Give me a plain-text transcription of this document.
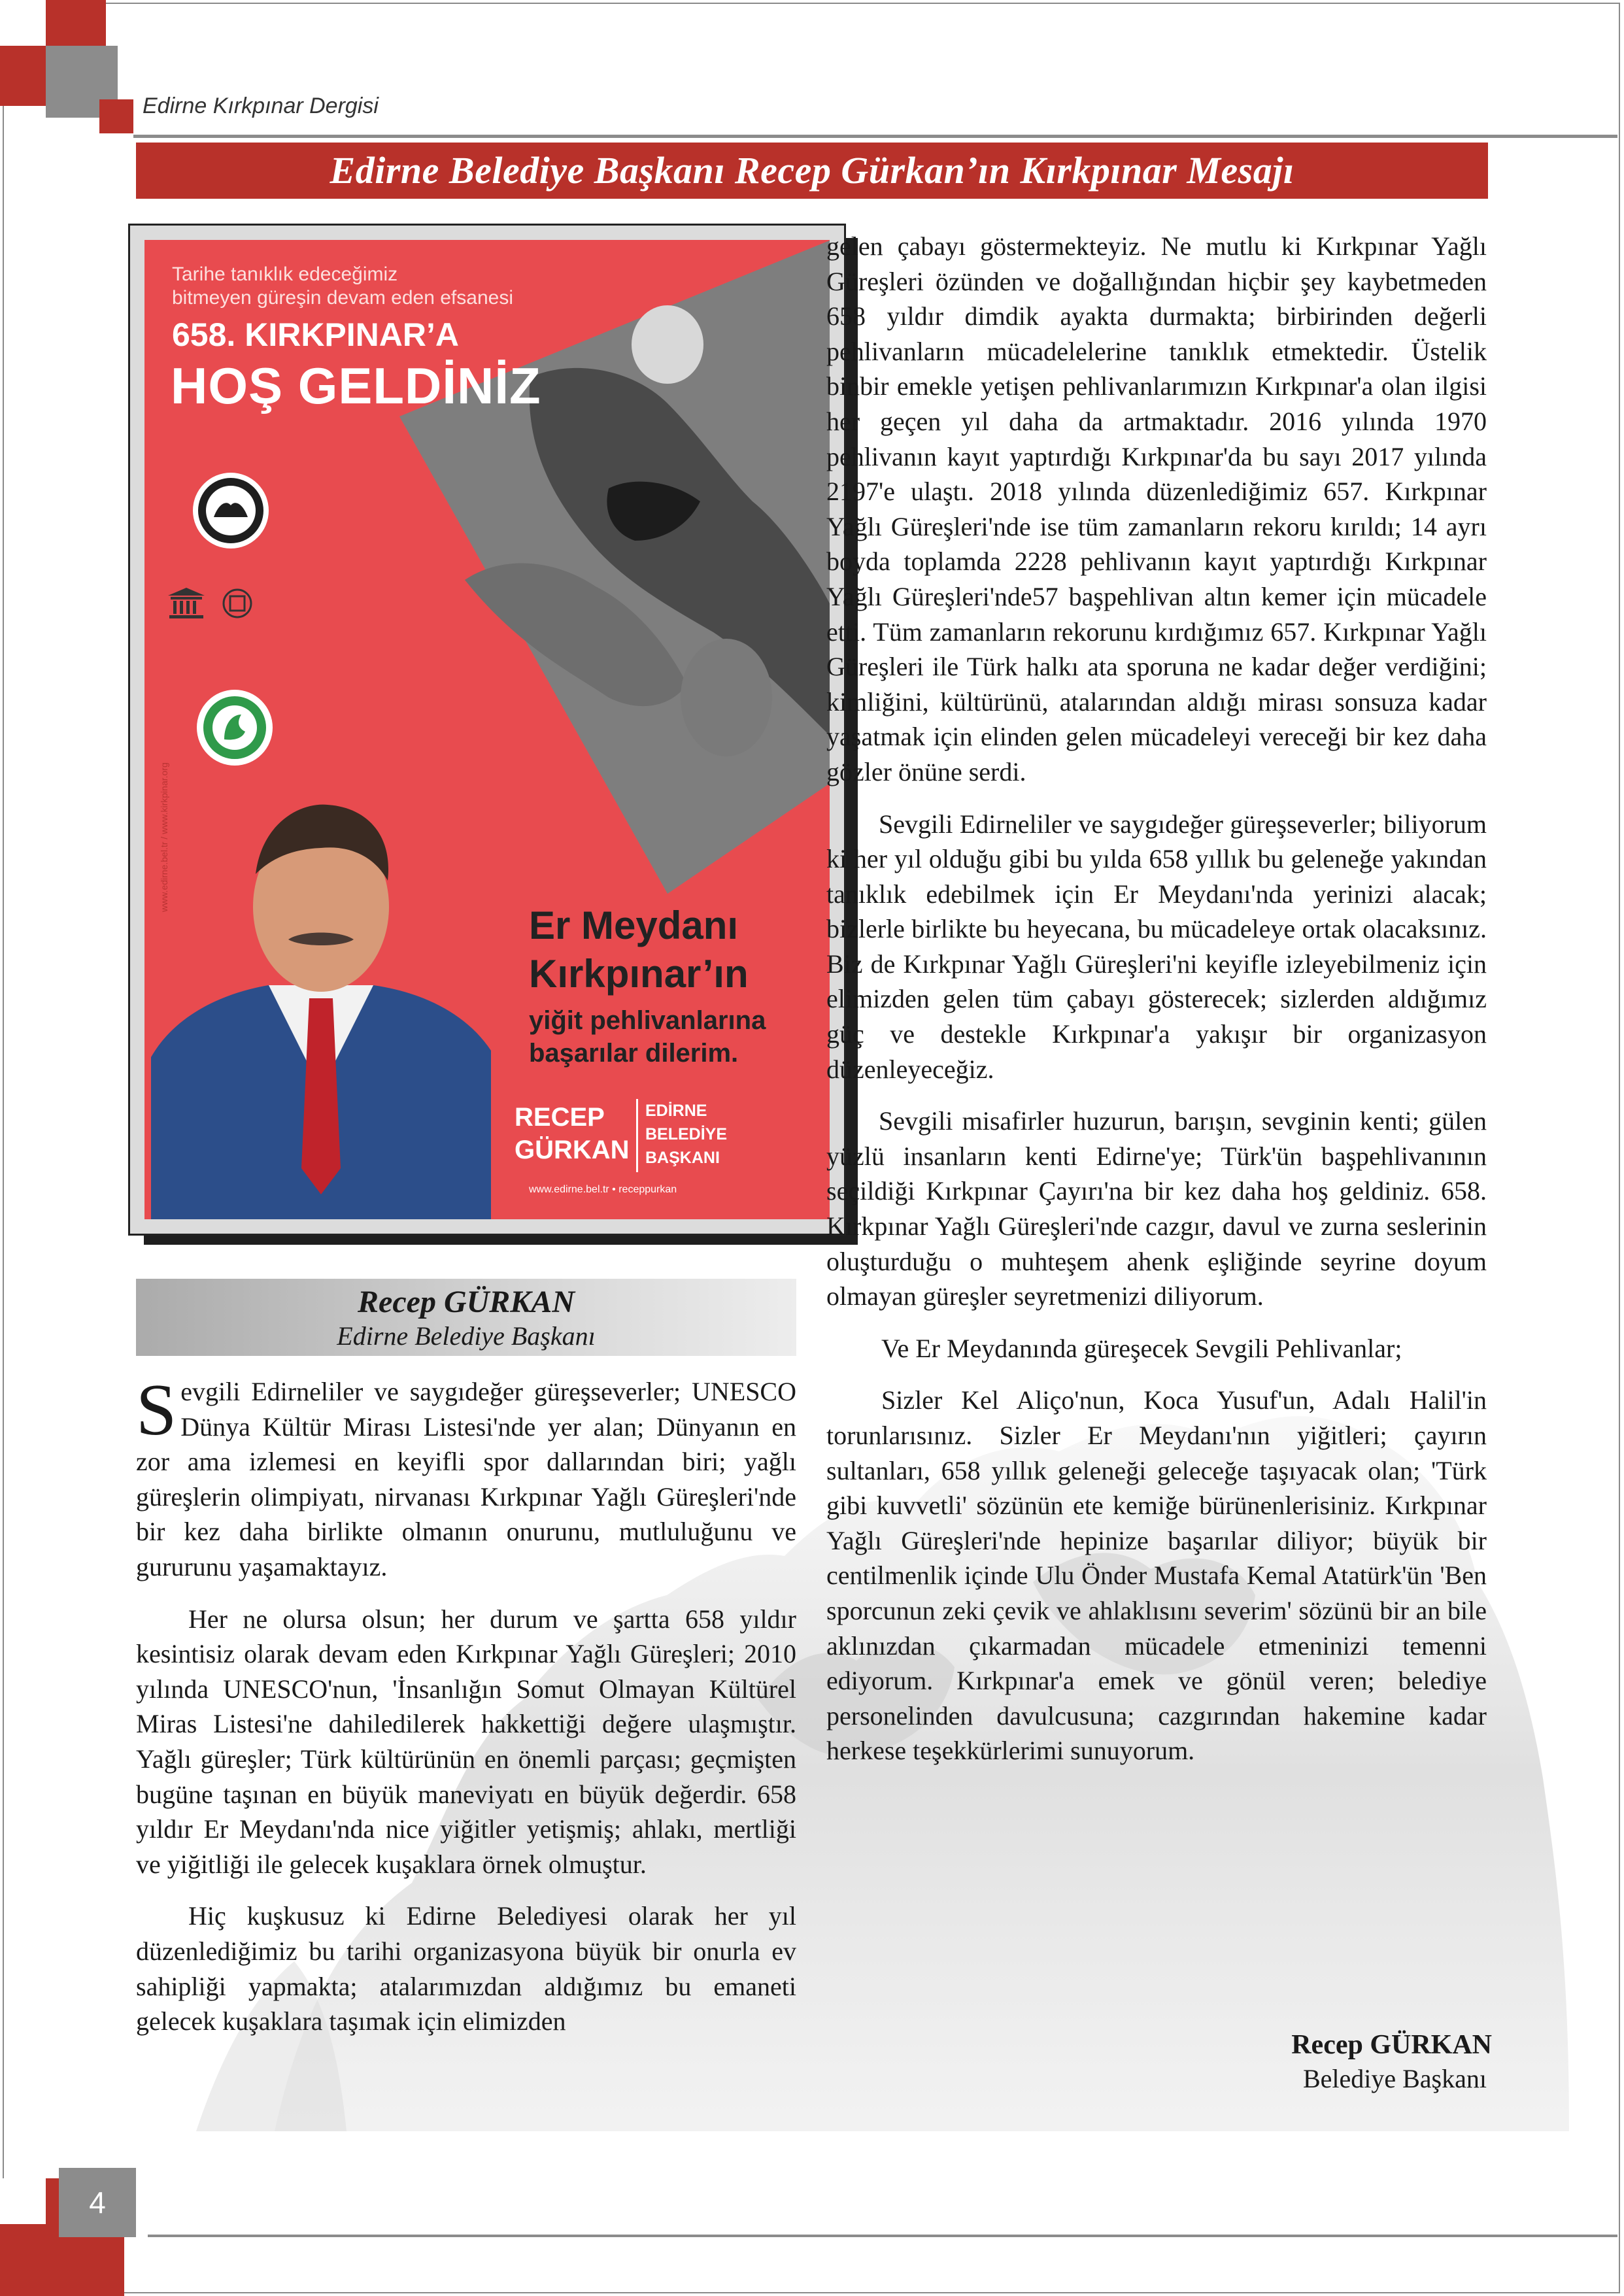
Edirne Kırkpınar Dergisi
Edirne Belediye Başkanı Recep Gürkan’ın Kırkpınar Mesajı
Tarihe tanıklık edeceğimiz
bitmeyen güreşin devam eden efsanesi
658. KIRKPINAR’A
HOŞ GELDİNİZ
Er Meydanı
Kırkpınar’ın
yiğit pehlivanlarına
başarılar dilerim.
RECEP
GÜRKAN
EDİRNE
BELEDİYE
BAŞKANI
www.edirne.bel.tr • receppurkan
www.edirne.bel.tr / www.kirkpinar.org
Recep GÜRKAN
Edirne Belediye Başkanı

Sevgili Edirneliler ve saygıdeğer güreşseverler; UNESCO Dünya Kültür Mirası Listesi'nde yer alan; Dünyanın en zor ama izlemesi en keyifli spor dallarından biri; yağlı güreşlerin olimpiyatı, nirvanası Kırkpınar Yağlı Güreşleri'nde bir kez daha birlikte olmanın onurunu, mutluluğunu ve gururunu yaşamaktayız.

Her ne olursa olsun; her durum ve şartta 658 yıldır kesintisiz olarak devam eden Kırkpınar Yağlı Güreşleri; 2010 yılında UNESCO'nun, 'İnsanlığın Somut Olmayan Kültürel Miras Listesi'ne dahiledilerek hakkettiği değere ulaşmıştır. Yağlı güreşler; Türk kültürünün en önemli parçası; geçmişten bugüne taşınan en büyük maneviyatı en büyük değerdir. 658 yıldır Er Meydanı'nda nice yiğitler yetişmiş; ahlakı, mertliği ve yiğitliği ile gelecek kuşaklara örnek olmuştur.

Hiç kuşkusuz ki Edirne Belediyesi olarak her yıl düzenlediğimiz bu tarihi organizasyona büyük bir onurla ev sahipliği yapmakta; atalarımızdan aldığımız bu emaneti gelecek kuşaklara taşımak için elimizden

gelen çabayı göstermekteyiz. Ne mutlu ki Kırkpınar Yağlı Güreşleri özünden ve doğallığından hiçbir şey kaybetmeden 658 yıldır dimdik ayakta durmakta; birbirinden değerli pehlivanların mücadelelerine tanıklık etmektedir. Üstelik binbir emekle yetişen pehlivanlarımızın Kırkpınar'a olan ilgisi her geçen yıl daha da artmaktadır. 2016 yılında 1970 pehlivanın kayıt yaptırdığı Kırkpınar'da bu sayı 2017 yılında 2197'e ulaştı. 2018 yılında düzenlediğimiz 657. Kırkpınar Yağlı Güreşleri'nde ise tüm zamanların rekoru kırıldı; 14 ayrı boyda toplamda 2228 pehlivanın kayıt yaptırdığı Kırkpınar Yağlı Güreşleri'nde57 başpehlivan altın kemer için mücadele etti. Tüm zamanların rekorunu kırdığımız 657. Kırkpınar Yağlı Güreşleri ile Türk halkı ata sporuna ne kadar değer verdiğini; kimliğini, kültürünü, atalarından aldığı mirası sonsuza kadar yaşatmak için elinden gelen mücadeleyi vereceği bir kez daha gözler önüne serdi.

Sevgili Edirneliler ve saygıdeğer güreşseverler; biliyorum ki her yıl olduğu gibi bu yılda 658 yıllık bu geleneğe yakından tanıklık edebilmek için Er Meydanı'nda yerinizi alacak; bizlerle birlikte bu heyecana, bu mücadeleye ortak olacaksınız. Biz de Kırkpınar Yağlı Güreşleri'ni keyifle izleyebilmeniz için elimizden gelen tüm çabayı gösterecek; sizlerden aldığımız güç ve destekle Kırkpınar'a yakışır bir organizasyon düzenleyeceğiz.

Sevgili misafirler huzurun, barışın, sevginin kenti; gülen yüzlü insanların kenti Edirne'ye; Türk'ün başpehlivanının seçildiği Kırkpınar Çayırı'na bir kez daha hoş geldiniz. 658. Kırkpınar Yağlı Güreşleri'nde cazgır, davul ve zurna seslerinin oluşturduğu o muhteşem ahenk eşliğinde seyrine doyum olmayan güreşler seyretmenizi diliyorum.

Ve Er Meydanında güreşecek Sevgili Pehlivanlar;

Sizler Kel Aliço'nun, Koca Yusuf'un, Adalı Halil'in torunlarısınız. Sizler Er Meydanı'nın yiğitleri; çayırın sultanları, 658 yıllık geleneği geleceğe taşıyacak olan; 'Türk gibi kuvvetli' sözünün ete kemiğe bürünenlerisiniz. Kırkpınar Yağlı Güreşleri'nde hepinize başarılar diliyor; büyük bir centilmenlik içinde Ulu Önder Mustafa Kemal Atatürk'ün 'Ben sporcunun zeki çevik ve ahlaklısını severim' sözünü bir an bile aklınızdan çıkarmadan mücadele etmeninizi temenni ediyorum. Kırkpınar'a emek ve gönül veren; belediye personelinden davulcusuna; cazgırından hakemine kadar herkese teşekkürlerimi sunuyorum.

Recep GÜRKAN
Belediye Başkanı
4
